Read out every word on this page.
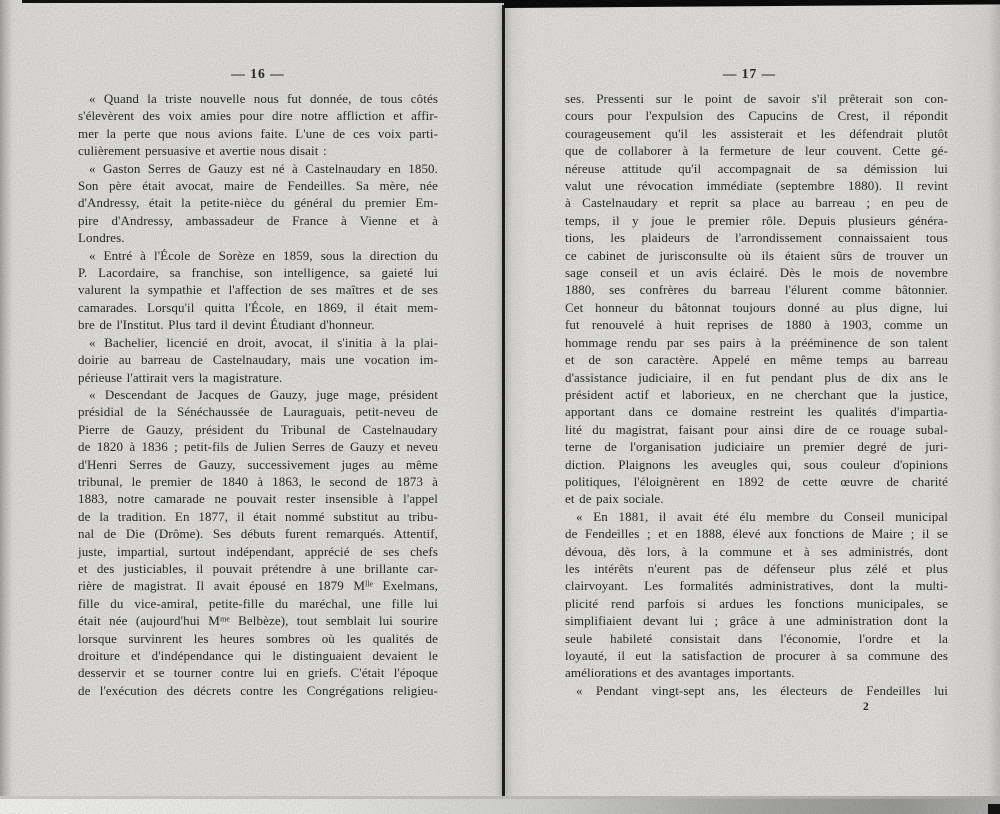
— 16 —
« Quand la triste nouvelle nous fut donnée, de tous côtés
s'élevèrent des voix amies pour dire notre affliction et affir-
mer la perte que nous avions faite. L'une de ces voix parti-
culièrement persuasive et avertie nous disait :
« Gaston Serres de Gauzy est né à Castelnaudary en 1850.
Son père était avocat, maire de Fendeilles. Sa mère, née
d'Andressy, était la petite-nièce du général du premier Em-
pire d'Andressy, ambassadeur de France à Vienne et à
Londres.
« Entré à l'École de Sorèze en 1859, sous la direction du
P. Lacordaire, sa franchise, son intelligence, sa gaieté lui
valurent la sympathie et l'affection de ses maîtres et de ses
camarades. Lorsqu'il quitta l'École, en 1869, il était mem-
bre de l'Institut. Plus tard il devint Étudiant d'honneur.
« Bachelier, licencié en droit, avocat, il s'initia à la plai-
doirie au barreau de Castelnaudary, mais une vocation im-
périeuse l'attirait vers la magistrature.
« Descendant de Jacques de Gauzy, juge mage, président
présidial de la Sénéchaussée de Lauraguais, petit-neveu de
Pierre de Gauzy, président du Tribunal de Castelnaudary
de 1820 à 1836 ; petit-fils de Julien Serres de Gauzy et neveu
d'Henri Serres de Gauzy, successivement juges au même
tribunal, le premier de 1840 à 1863, le second de 1873 à
1883, notre camarade ne pouvait rester insensible à l'appel
de la tradition. En 1877, il était nommé substitut au tribu-
nal de Die (Drôme). Ses débuts furent remarqués. Attentif,
juste, impartial, surtout indépendant, apprécié de ses chefs
et des justiciables, il pouvait prétendre à une brillante car-
rière de magistrat. Il avait épousé en 1879 Mˡˡᵉ Exelmans,
fille du vice-amiral, petite-fille du maréchal, une fille lui
était née (aujourd'hui Mᵐᵉ Belbèze), tout semblait lui sourire
lorsque survinrent les heures sombres où les qualités de
droiture et d'indépendance qui le distinguaient devaient le
desservir et se tourner contre lui en griefs. C'était l'époque
de l'exécution des décrets contre les Congrégations religieu-
— 17 —
ses. Pressenti sur le point de savoir s'il prêterait son con-
cours pour l'expulsion des Capucins de Crest, il répondit
courageusement qu'il les assisterait et les défendrait plutôt
que de collaborer à la fermeture de leur couvent. Cette gé-
néreuse attitude qu'il accompagnait de sa démission lui
valut une révocation immédiate (septembre 1880). Il revint
à Castelnaudary et reprit sa place au barreau ; en peu de
temps, il y joue le premier rôle. Depuis plusieurs généra-
tions, les plaideurs de l'arrondissement connaissaient tous
ce cabinet de jurisconsulte où ils étaient sûrs de trouver un
sage conseil et un avis éclairé. Dès le mois de novembre
1880, ses confrères du barreau l'élurent comme bâtonnier.
Cet honneur du bâtonnat toujours donné au plus digne, lui
fut renouvelé à huit reprises de 1880 à 1903, comme un
hommage rendu par ses pairs à la prééminence de son talent
et de son caractère. Appelé en même temps au barreau
d'assistance judiciaire, il en fut pendant plus de dix ans le
président actif et laborieux, en ne cherchant que la justice,
apportant dans ce domaine restreint les qualités d'impartia-
lité du magistrat, faisant pour ainsi dire de ce rouage subal-
terne de l'organisation judiciaire un premier degré de juri-
diction. Plaignons les aveugles qui, sous couleur d'opinions
politiques, l'éloignèrent en 1892 de cette œuvre de charité
et de paix sociale.
« En 1881, il avait été élu membre du Conseil municipal
de Fendeilles ; et en 1888, élevé aux fonctions de Maire ; il se
dévoua, dès lors, à la commune et à ses administrés, dont
les intérêts n'eurent pas de défenseur plus zélé et plus
clairvoyant. Les formalités administratives, dont la multi-
plicité rend parfois si ardues les fonctions municipales, se
simplifiaient devant lui ; grâce à une administration dont la
seule habileté consistait dans l'économie, l'ordre et la
loyauté, il eut la satisfaction de procurer à sa commune des
améliorations et des avantages importants.
« Pendant vingt-sept ans, les électeurs de Fendeilles lui
2
